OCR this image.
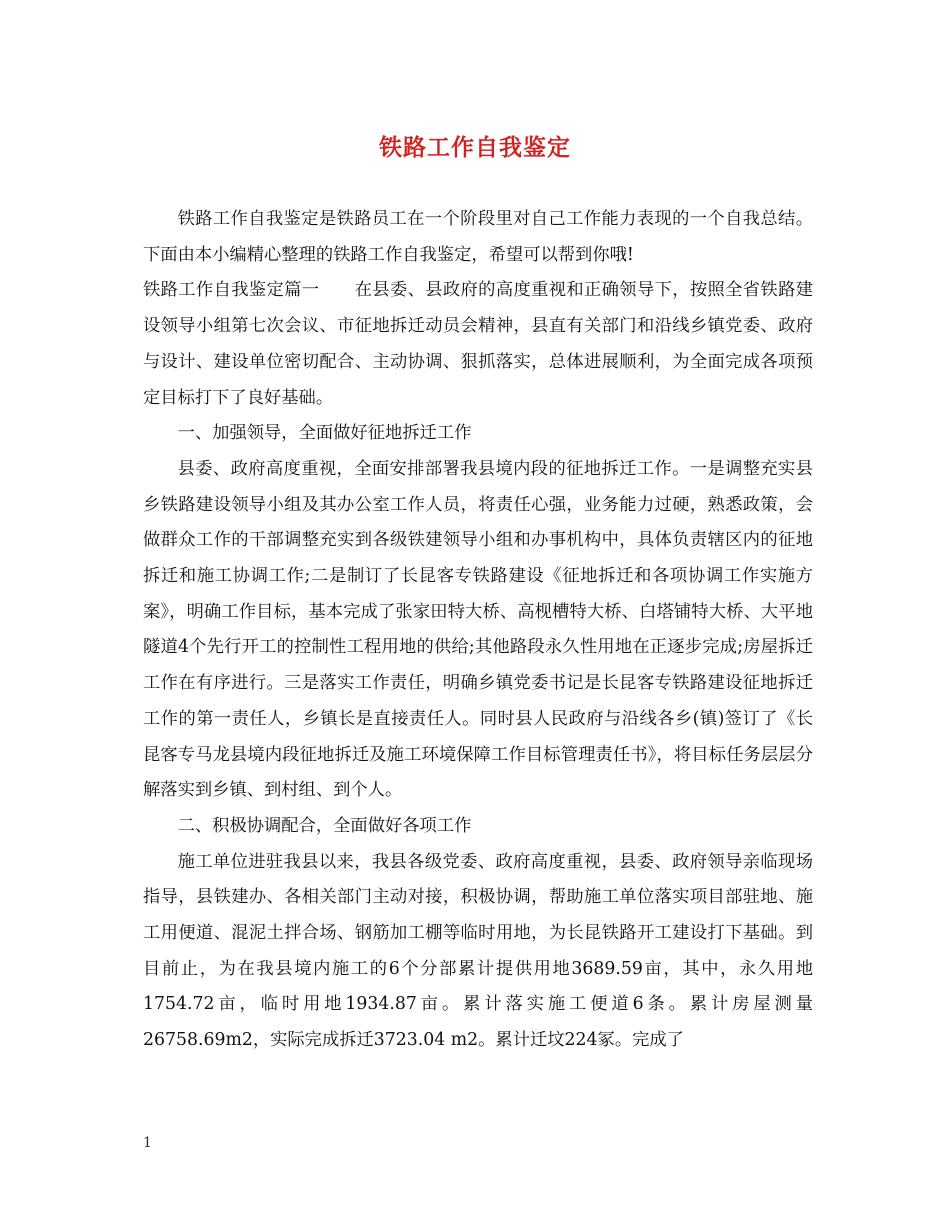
铁路工作自我鉴定

铁路工作自我鉴定是铁路员工在一个阶段里对自己工作能力表现的一个自我总结。下面由本小编精心整理的铁路工作自我鉴定，希望可以帮到你哦!

铁路工作自我鉴定篇一　　在县委、县政府的高度重视和正确领导下，按照全省铁路建设领导小组第七次会议、市征地拆迁动员会精神，县直有关部门和沿线乡镇党委、政府与设计、建设单位密切配合、主动协调、狠抓落实，总体进展顺利，为全面完成各项预定目标打下了良好基础。

一、加强领导，全面做好征地拆迁工作

县委、政府高度重视，全面安排部署我县境内段的征地拆迁工作。一是调整充实县乡铁路建设领导小组及其办公室工作人员，将责任心强，业务能力过硬，熟悉政策，会做群众工作的干部调整充实到各级铁建领导小组和办事机构中，具体负责辖区内的征地拆迁和施工协调工作;二是制订了长昆客专铁路建设《征地拆迁和各项协调工作实施方案》，明确工作目标，基本完成了张家田特大桥、高枧槽特大桥、白塔铺特大桥、大平地隧道4个先行开工的控制性工程用地的供给;其他路段永久性用地在正逐步完成;房屋拆迁工作在有序进行。三是落实工作责任，明确乡镇党委书记是长昆客专铁路建设征地拆迁工作的第一责任人，乡镇长是直接责任人。同时县人民政府与沿线各乡(镇)签订了《长昆客专马龙县境内段征地拆迁及施工环境保障工作目标管理责任书》，将目标任务层层分解落实到乡镇、到村组、到个人。

二、积极协调配合，全面做好各项工作

施工单位进驻我县以来，我县各级党委、政府高度重视，县委、政府领导亲临现场指导，县铁建办、各相关部门主动对接，积极协调，帮助施工单位落实项目部驻地、施工用便道、混泥土拌合场、钢筋加工棚等临时用地，为长昆铁路开工建设打下基础。到目前止，为在我县境内施工的6个分部累计提供用地3689.59亩，其中，永久用地1754.72亩，临时用地1934.87亩。累计落实施工便道6条。累计房屋测量26758.69m2，实际完成拆迁3723.04 m2。累计迁坟224冢。完成了

1
